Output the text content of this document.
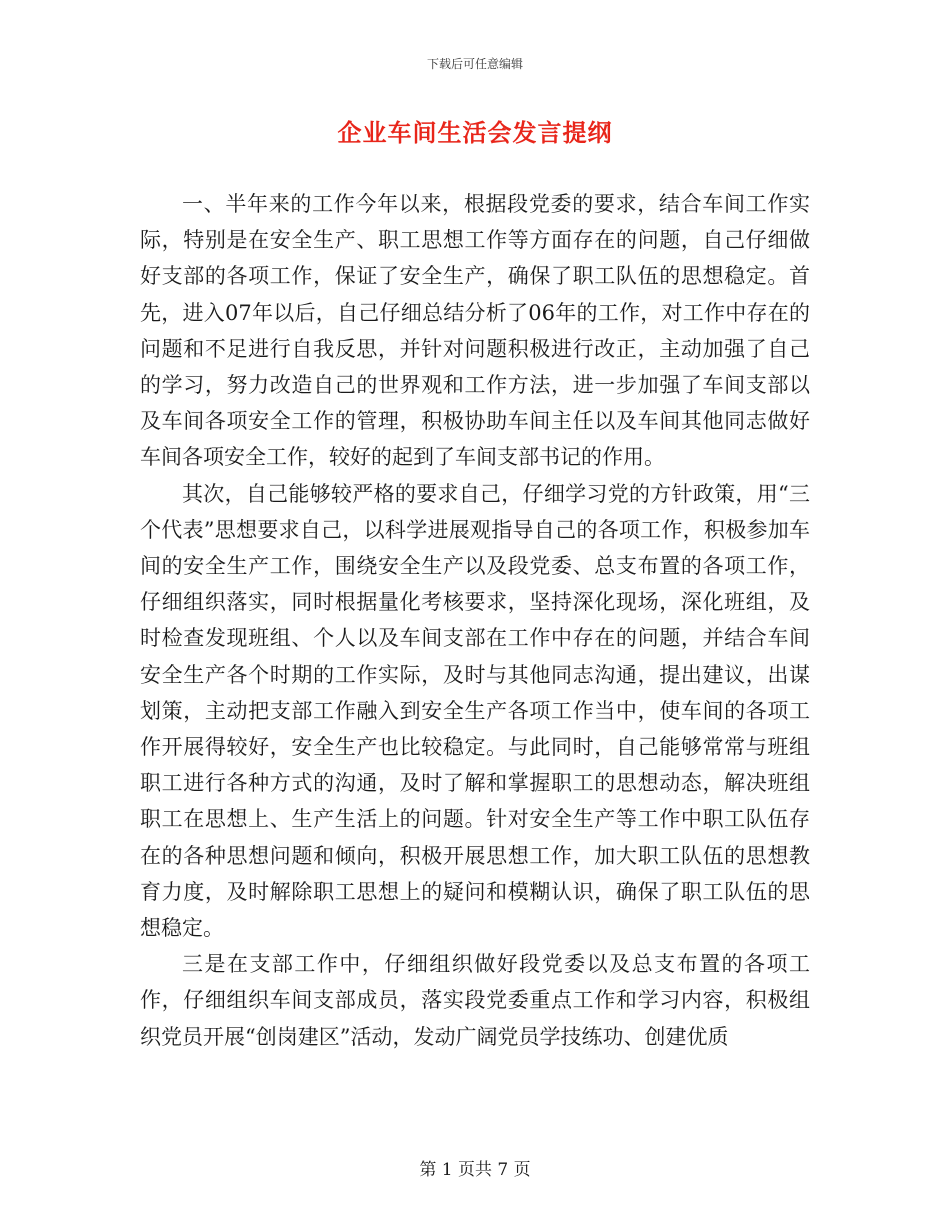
下载后可任意编辑
企业车间生活会发言提纲

一、半年来的工作今年以来，根据段党委的要求，结合车间工作实际，特别是在安全生产、职工思想工作等方面存在的问题，自己仔细做好支部的各项工作，保证了安全生产，确保了职工队伍的思想稳定。首先，进入07年以后，自己仔细总结分析了06年的工作，对工作中存在的问题和不足进行自我反思，并针对问题积极进行改正，主动加强了自己的学习，努力改造自己的世界观和工作方法，进一步加强了车间支部以及车间各项安全工作的管理，积极协助车间主任以及车间其他同志做好车间各项安全工作，较好的起到了车间支部书记的作用。

其次，自己能够较严格的要求自己，仔细学习党的方针政策，用“三个代表”思想要求自己，以科学进展观指导自己的各项工作，积极参加车间的安全生产工作，围绕安全生产以及段党委、总支布置的各项工作，仔细组织落实，同时根据量化考核要求，坚持深化现场，深化班组，及时检查发现班组、个人以及车间支部在工作中存在的问题，并结合车间安全生产各个时期的工作实际，及时与其他同志沟通，提出建议，出谋划策，主动把支部工作融入到安全生产各项工作当中，使车间的各项工作开展得较好，安全生产也比较稳定。与此同时，自己能够常常与班组职工进行各种方式的沟通，及时了解和掌握职工的思想动态，解决班组职工在思想上、生产生活上的问题。针对安全生产等工作中职工队伍存在的各种思想问题和倾向，积极开展思想工作，加大职工队伍的思想教育力度，及时解除职工思想上的疑问和模糊认识，确保了职工队伍的思想稳定。

三是在支部工作中，仔细组织做好段党委以及总支布置的各项工作，仔细组织车间支部成员，落实段党委重点工作和学习内容，积极组织党员开展“创岗建区”活动，发动广阔党员学技练功、创建优质

第 1 页共 7 页
